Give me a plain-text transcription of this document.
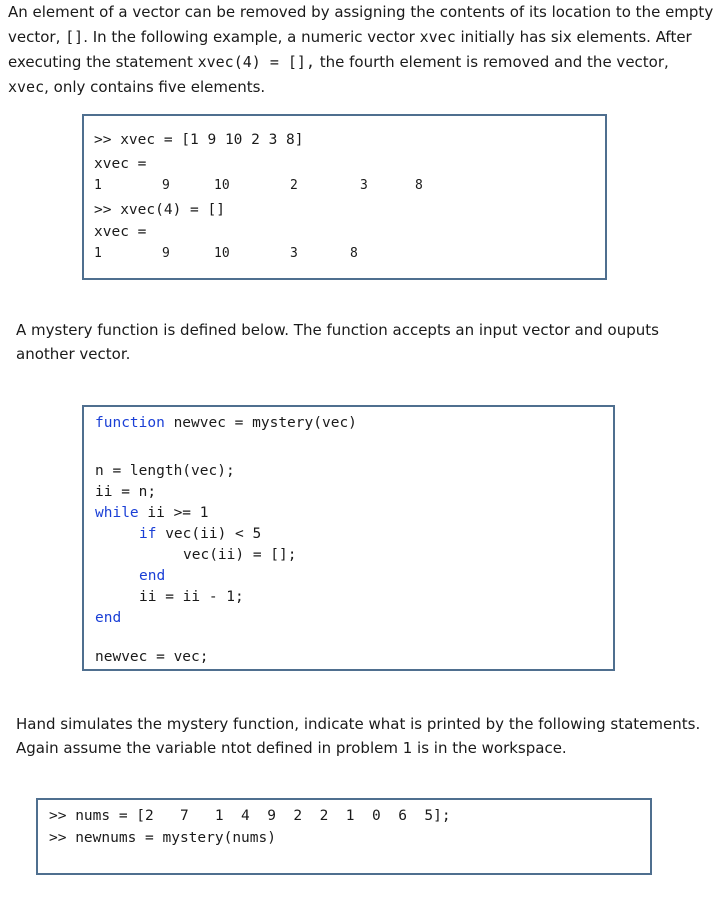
An element of a vector can be removed by assigning the contents of its location to the empty
vector, []. In the following example, a numeric vector xvec initially has six elements. After
executing the statement xvec(4) = [], the fourth element is removed and the vector,
xvec, only contains five elements.
>> xvec = [1 9 10 2 3 8]
xvec =
1	9	10	2	3	8
>> xvec(4) = []
xvec =
1	9	10	3	8
A mystery function is defined below. The function accepts an input vector and ouputs
another vector.
function newvec = mystery(vec)
n = length(vec);
ii = n;
while ii >= 1
if vec(ii) < 5
vec(ii) = [];
end
ii = ii - 1;
end
newvec = vec;
Hand simulates the mystery function, indicate what is printed by the following statements.
Again assume the variable ntot defined in problem 1 is in the workspace.
>> nums = [2   7   1  4  9  2  2  1  0  6  5];
>> newnums = mystery(nums)
